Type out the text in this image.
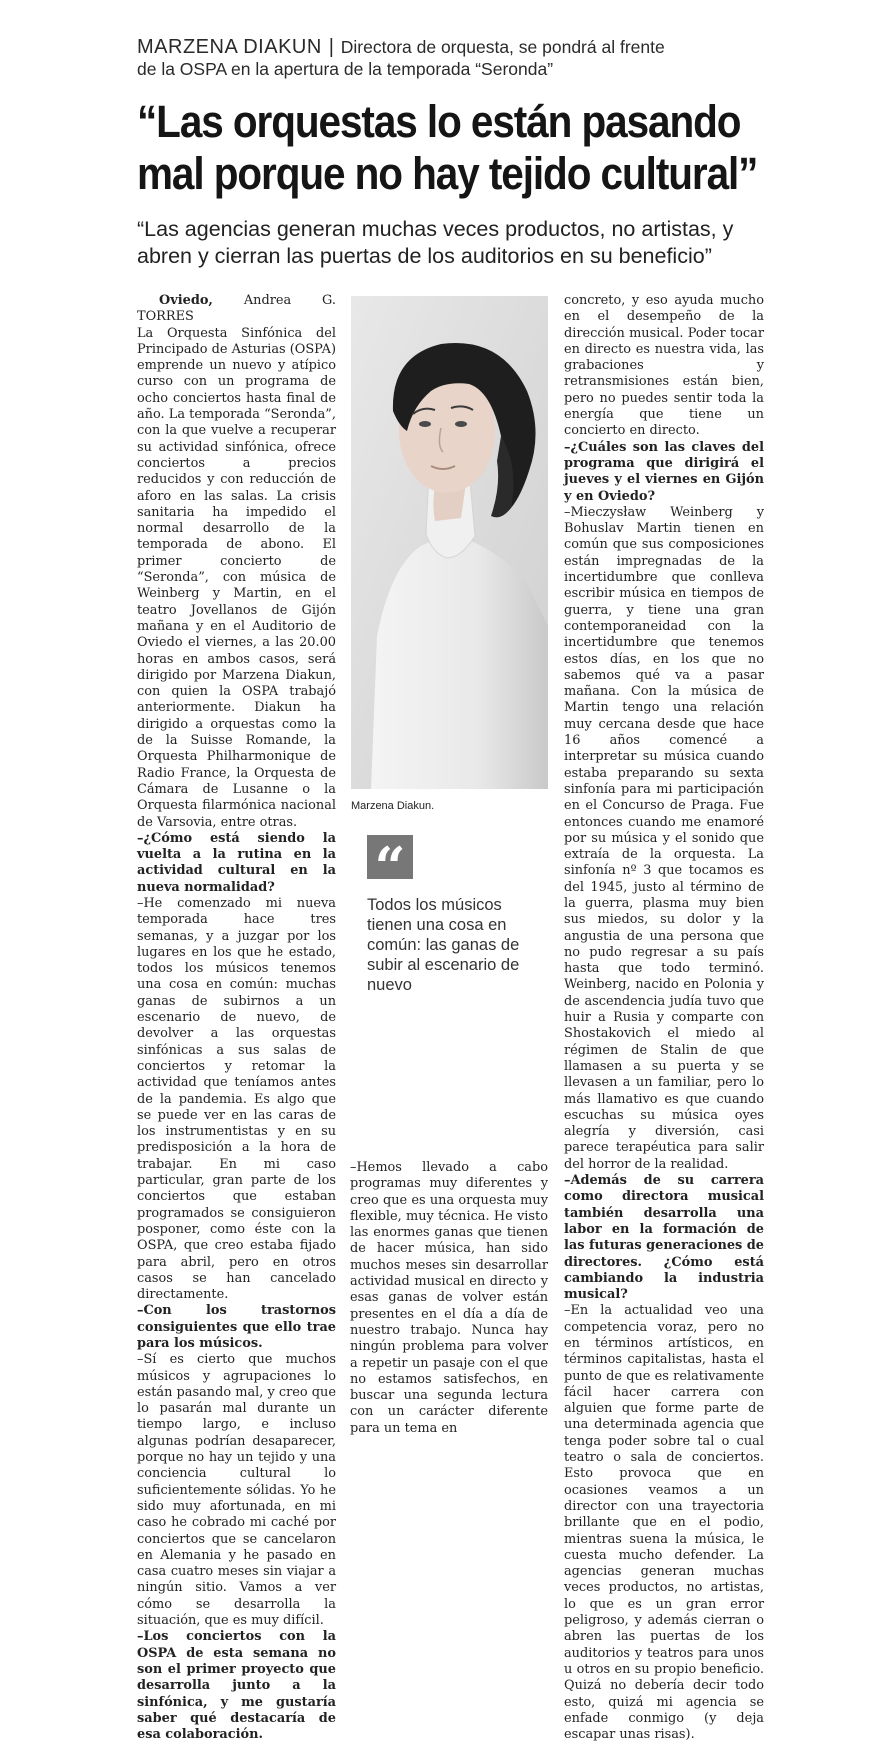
MARZENA DIAKUN | Directora de orquesta, se pondrá al frente
de la OSPA en la apertura de la temporada “Seronda”
“Las orquestas lo están pasando
mal porque no hay tejido cultural”

“Las agencias generan muchas veces productos, no artistas, y
abren y cierran las puertas de los auditorios en su beneficio”

Oviedo, Andrea G. TORRES

La Orquesta Sinfónica del Principado de Asturias (OSPA) emprende un nuevo y atípico curso con un programa de ocho conciertos hasta final de año. La temporada “Seronda”, con la que vuelve a recuperar su actividad sinfónica, ofrece conciertos a precios reducidos y con reducción de aforo en las salas. La crisis sanitaria ha impedido el normal desarrollo de la temporada de abono. El primer concierto de “Seronda”, con música de Weinberg y Martin, en el teatro Jovellanos de Gijón mañana y en el Auditorio de Oviedo el viernes, a las 20.00 horas en ambos casos, será dirigido por Marzena Diakun, con quien la OSPA trabajó anteriormente. Diakun ha dirigido a orquestas como la de la Suisse Romande, la Orquesta Philharmonique de Radio France, la Orquesta de Cámara de Lusanne o la Orquesta filarmónica nacional de Varsovia, entre otras.

–¿Cómo está siendo la vuelta a la rutina en la actividad cultural en la nueva normalidad?

–He comenzado mi nueva temporada hace tres semanas, y a juzgar por los lugares en los que he estado, todos los músicos tenemos una cosa en común: muchas ganas de subirnos a un escenario de nuevo, de devolver a las orquestas sinfónicas a sus salas de conciertos y retomar la actividad que teníamos antes de la pandemia. Es algo que se puede ver en las caras de los instrumentistas y en su predisposición a la hora de trabajar. En mi caso particular, gran parte de los conciertos que estaban programados se consiguieron posponer, como éste con la OSPA, que creo estaba fijado para abril, pero en otros casos se han cancelado directamente.

–Con los trastornos consiguientes que ello trae para los músicos.

–Sí es cierto que muchos músicos y agrupaciones lo están pasando mal, y creo que lo pasarán mal durante un tiempo largo, e incluso algunas podrían desaparecer, porque no hay un tejido y una conciencia cultural lo suficientemente sólidas. Yo he sido muy afortunada, en mi caso he cobrado mi caché por conciertos que se cancelaron en Alemania y he pasado en casa cuatro meses sin viajar a ningún sitio. Vamos a ver cómo se desarrolla la situación, que es muy difícil.

–Los conciertos con la OSPA de esta semana no son el primer proyecto que desarrolla junto a la sinfónica, y me gustaría saber qué destacaría de esa colaboración.

Marzena Diakun.
“

Todos los músicos tienen una cosa en común: las ganas de subir al escenario de nuevo

–Hemos llevado a cabo programas muy diferentes y creo que es una orquesta muy flexible, muy técnica. He visto las enormes ganas que tienen de hacer música, han sido muchos meses sin desarrollar actividad musical en directo y esas ganas de volver están presentes en el día a día de nuestro trabajo. Nunca hay ningún problema para volver a repetir un pasaje con el que no estamos satisfechos, en buscar una segunda lectura con un carácter diferente para un tema en

concreto, y eso ayuda mucho en el desempeño de la dirección musical. Poder tocar en directo es nuestra vida, las grabaciones y retransmisiones están bien, pero no puedes sentir toda la energía que tiene un concierto en directo.

–¿Cuáles son las claves del programa que dirigirá el jueves y el viernes en Gijón y en Oviedo?

–Mieczysław Weinberg y Bohuslav Martin tienen en común que sus composiciones están impregnadas de la incertidumbre que conlleva escribir música en tiempos de guerra, y tiene una gran contemporaneidad con la incertidumbre que tenemos estos días, en los que no sabemos qué va a pasar mañana. Con la música de Martin tengo una relación muy cercana desde que hace 16 años comencé a interpretar su música cuando estaba preparando su sexta sinfonía para mi participación en el Concurso de Praga. Fue entonces cuando me enamoré por su música y el sonido que extraía de la orquesta. La sinfonía nº 3 que tocamos es del 1945, justo al término de la guerra, plasma muy bien sus miedos, su dolor y la angustia de una persona que no pudo regresar a su país hasta que todo terminó. Weinberg, nacido en Polonia y de ascendencia judía tuvo que huir a Rusia y comparte con Shostakovich el miedo al régimen de Stalin de que llamasen a su puerta y se llevasen a un familiar, pero lo más llamativo es que cuando escuchas su música oyes alegría y diversión, casi parece terapéutica para salir del horror de la realidad.

–Además de su carrera como directora musical también desarrolla una labor en la formación de las futuras generaciones de directores. ¿Cómo está cambiando la industria musical?

–En la actualidad veo una competencia voraz, pero no en términos artísticos, en términos capitalistas, hasta el punto de que es relativamente fácil hacer carrera con alguien que forme parte de una determinada agencia que tenga poder sobre tal o cual teatro o sala de conciertos. Esto provoca que en ocasiones veamos a un director con una trayectoria brillante que en el podio, mientras suena la música, le cuesta mucho defender. La agencias generan muchas veces productos, no artistas, lo que es un gran error peligroso, y además cierran o abren las puertas de los auditorios y teatros para unos u otros en su propio beneficio. Quizá no debería decir todo esto, quizá mi agencia se enfade conmigo (y deja escapar unas risas).
